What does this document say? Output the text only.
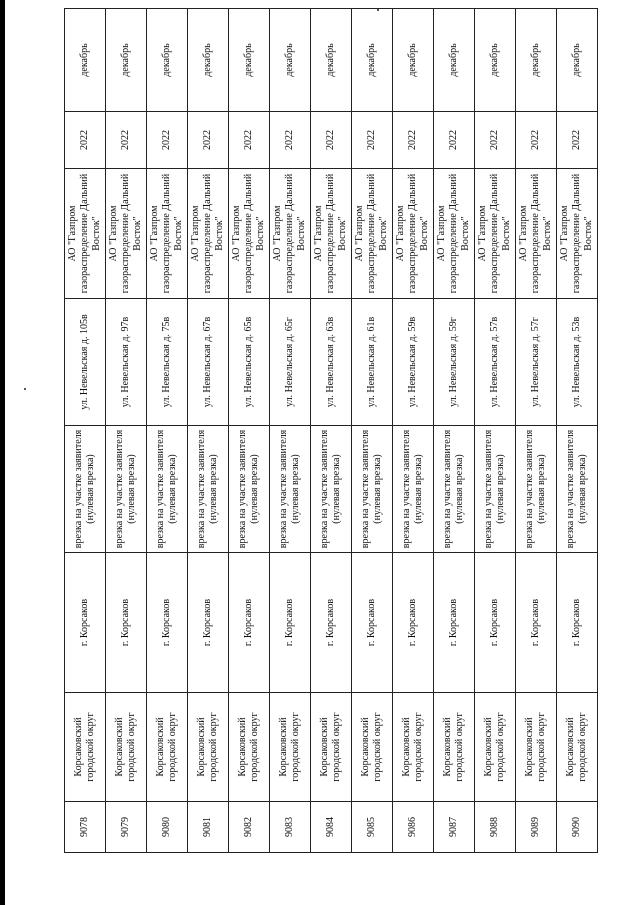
9078	Корсаковский городской округ	г. Корсаков	врезка на участке заявителя (нулевая врезка)	ул. Невельская д. 105в	АО "Газпром газораспределение Дальний Восток"	2022	декабрь
9079	Корсаковский городской округ	г. Корсаков	врезка на участке заявителя (нулевая врезка)	ул. Невельская д. 97в	АО "Газпром газораспределение Дальний Восток"	2022	декабрь
9080	Корсаковский городской округ	г. Корсаков	врезка на участке заявителя (нулевая врезка)	ул. Невельская д. 75в	АО "Газпром газораспределение Дальний Восток"	2022	декабрь
9081	Корсаковский городской округ	г. Корсаков	врезка на участке заявителя (нулевая врезка)	ул. Невельская д. 67в	АО "Газпром газораспределение Дальний Восток"	2022	декабрь
9082	Корсаковский городской округ	г. Корсаков	врезка на участке заявителя (нулевая врезка)	ул. Невельская д. 65в	АО "Газпром газораспределение Дальний Восток"	2022	декабрь
9083	Корсаковский городской округ	г. Корсаков	врезка на участке заявителя (нулевая врезка)	ул. Невельская д. 65г	АО "Газпром газораспределение Дальний Восток"	2022	декабрь
9084	Корсаковский городской округ	г. Корсаков	врезка на участке заявителя (нулевая врезка)	ул. Невельская д. 63в	АО "Газпром газораспределение Дальний Восток"	2022	декабрь
9085	Корсаковский городской округ	г. Корсаков	врезка на участке заявителя (нулевая врезка)	ул. Невельская д. 61в	АО "Газпром газораспределение Дальний Восток"	2022	декабрь
9086	Корсаковский городской округ	г. Корсаков	врезка на участке заявителя (нулевая врезка)	ул. Невельская д. 59в	АО "Газпром газораспределение Дальний Восток"	2022	декабрь
9087	Корсаковский городской округ	г. Корсаков	врезка на участке заявителя (нулевая врезка)	ул. Невельская д. 59г	АО "Газпром газораспределение Дальний Восток"	2022	декабрь
9088	Корсаковский городской округ	г. Корсаков	врезка на участке заявителя (нулевая врезка)	ул. Невельская д. 57в	АО "Газпром газораспределение Дальний Восток"	2022	декабрь
9089	Корсаковский городской округ	г. Корсаков	врезка на участке заявителя (нулевая врезка)	ул. Невельская д. 57г	АО "Газпром газораспределение Дальний Восток"	2022	декабрь
9090	Корсаковский городской округ	г. Корсаков	врезка на участке заявителя (нулевая врезка)	ул. Невельская д. 53в	АО "Газпром газораспределение Дальний Восток"	2022	декабрь
